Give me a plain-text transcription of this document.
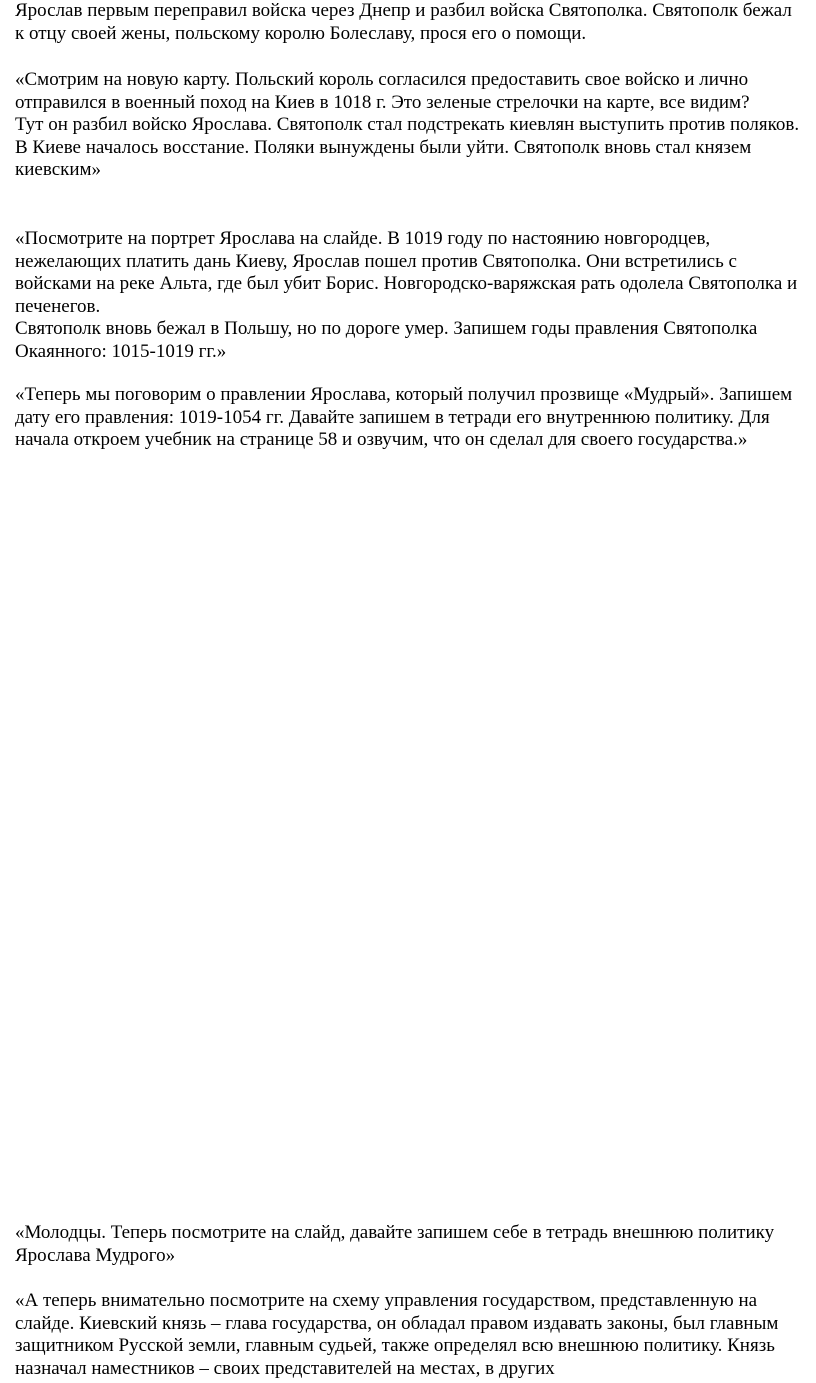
Ярослав первым переправил войска через Днепр и разбил войска Святополка. Святополк бежал к отцу своей жены, польскому королю Болеславу, прося его о помощи.

«Смотрим на новую карту. Польский король согласился предоставить свое войско и лично отправился в военный поход на Киев в 1018 г. Это зеленые стрелочки на карте, все видим?

Тут он разбил войско Ярослава. Святополк стал подстрекать киевлян выступить против поляков. В Киеве началось восстание. Поляки вынуждены были уйти. Святополк вновь стал князем киевским»

«Посмотрите на портрет Ярослава на слайде. В 1019 году по настоянию новгородцев, нежелающих платить дань Киеву, Ярослав пошел против Святополка. Они встретились с войсками на реке Альта, где был убит Борис. Новгородско-варяжская рать одолела Святополка и печенегов.

Святополк вновь бежал в Польшу, но по дороге умер. Запишем годы правления Святополка Окаянного: 1015-1019 гг.»

«Теперь мы поговорим о правлении Ярослава, который получил прозвище «Мудрый». Запишем дату его правления: 1019-1054 гг. Давайте запишем в тетради его внутреннюю политику. Для начала откроем учебник на странице 58 и озвучим, что он сделал для своего государства.»

«Молодцы. Теперь посмотрите на слайд, давайте запишем себе в тетрадь внешнюю политику Ярослава Мудрого»

«А теперь внимательно посмотрите на схему управления государством, представленную на слайде. Киевский князь – глава государства, он обладал правом издавать законы, был главным защитником Русской земли, главным судьей, также определял всю внешнюю политику. Князь назначал наместников – своих представителей на местах, в других
